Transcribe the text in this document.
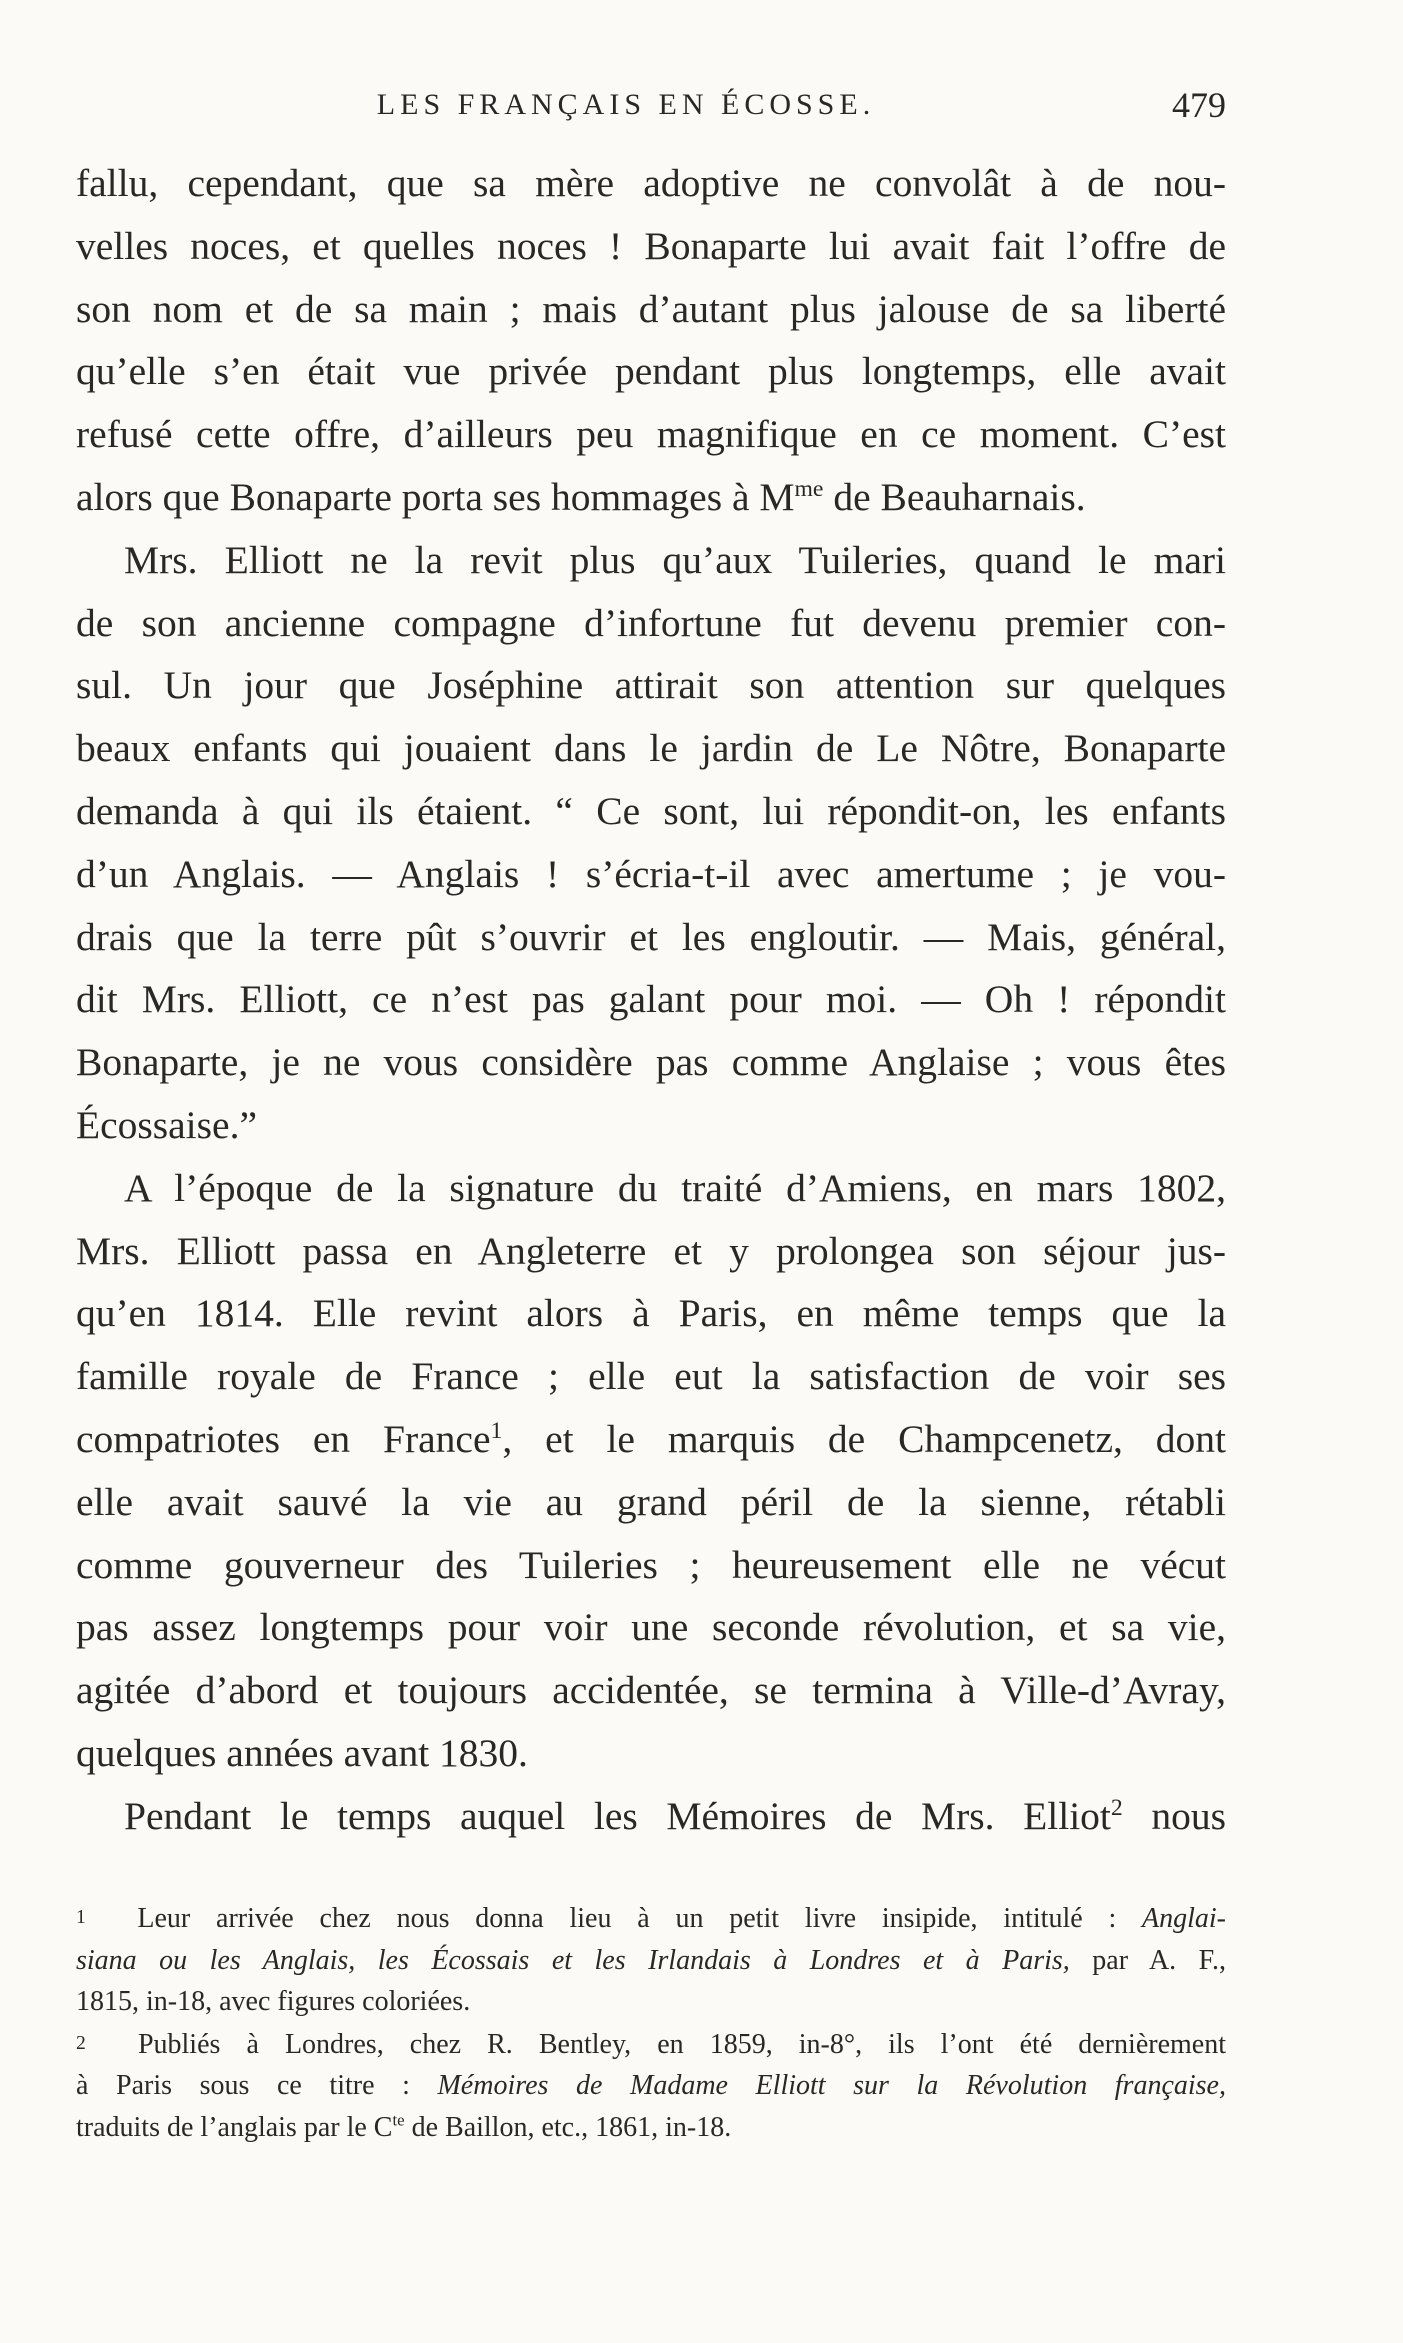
LES FRANÇAIS EN ÉCOSSE.	479
fallu, cependant, que sa mère adoptive ne convolât à de nou-
velles noces, et quelles noces ! Bonaparte lui avait fait l’offre de
son nom et de sa main ; mais d’autant plus jalouse de sa liberté
qu’elle s’en était vue privée pendant plus longtemps, elle avait
refusé cette offre, d’ailleurs peu magnifique en ce moment. C’est
alors que Bonaparte porta ses hommages à $M^{me}$ de Beauharnais.
Mrs. Elliott ne la revit plus qu’aux Tuileries, quand le mari
de son ancienne compagne d’infortune fut devenu premier con-
sul. Un jour que Joséphine attirait son attention sur quelques
beaux enfants qui jouaient dans le jardin de Le Nôtre, Bonaparte
demanda à qui ils étaient. “ Ce sont, lui répondit-on, les enfants
d’un Anglais. — Anglais ! s’écria-t-il avec amertume ; je vou-
drais que la terre pût s’ouvrir et les engloutir. — Mais, général,
dit Mrs. Elliott, ce n’est pas galant pour moi. — Oh ! répondit
Bonaparte, je ne vous considère pas comme Anglaise ; vous êtes
Écossaise.”
A l’époque de la signature du traité d’Amiens, en mars 1802,
Mrs. Elliott passa en Angleterre et y prolongea son séjour jus-
qu’en 1814. Elle revint alors à Paris, en même temps que la
famille royale de France ; elle eut la satisfaction de voir ses
compatriotes en France$^1$, et le marquis de Champcenetz, dont
elle avait sauvé la vie au grand péril de la sienne, rétabli
comme gouverneur des Tuileries ; heureusement elle ne vécut
pas assez longtemps pour voir une seconde révolution, et sa vie,
agitée d’abord et toujours accidentée, se termina à Ville-d’Avray,
quelques années avant 1830.
Pendant le temps auquel les Mémoires de Mrs. Elliot$^2$ nous
1 Leur arrivée chez nous donna lieu à un petit livre insipide, intitulé : Anglai-
siana ou les Anglais, les Écossais et les Irlandais à Londres et à Paris, par A. F.,
1815, in-18, avec figures coloriées.
2 Publiés à Londres, chez R. Bentley, en 1859, in-8°, ils l’ont été dernièrement
à Paris sous ce titre : Mémoires de Madame Elliott sur la Révolution française,
traduits de l’anglais par le $C^{te}$ de Baillon, etc., 1861, in-18.
